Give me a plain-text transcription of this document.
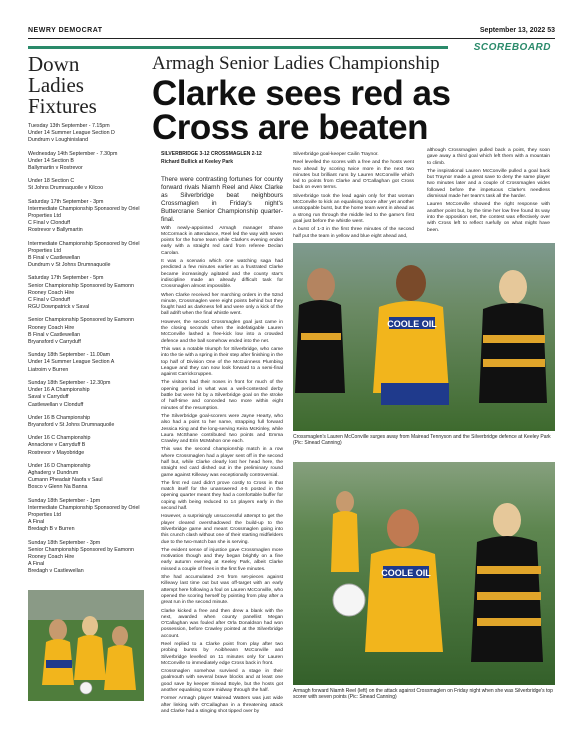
NEWRY DEMOCRAT	September 13, 2022 53
SCOREBOARD
Down
Ladies
Fixtures
Tuesday 13th September - 7.15pm
Under 14 Summer League Section D
Dundrum v Loughinisland
Wednesday 14th September - 7.30pm
Under 14 Section B
Ballymartin v Rostrevor
Under 18 Section C
St Johns Drumnaquoile v Kilcoo
Saturday 17th September - 3pm
Intermediate Championship Sponsored by Oriel Properties Ltd
C Final v Clonduff
Rostrevor v Ballymartin
Intermediate Championship Sponsored by Oriel Properties Ltd
B Final v Castlewellan
Dundrum v St Johns Drumnaquoile
Saturday 17th September - 5pm
Senior Championship Sponsored by Eamonn Rooney Coach Hire
C Final v Clonduff
RGU Downpatrick v Saval
Senior Championship Sponsored by Eamonn Rooney Coach Hire
B Final v Castlewellan
Bryansford v Carryduff
Sunday 18th September - 11.00am
Under 14 Summer League Section A
Liatroim v Burren
Sunday 18th September - 12.30pm
Under 16 A Championship
Saval v Carryduff
Castlewellan v Clonduff
Under 16 B Championship
Bryansford v St Johns Drumnaquoile
Under 16 C Championship
Annaclone v Carryduff B
Rostrevor v Mayobridge
Under 16 D Championship
Aghaderg v Dundrum
Cumann Pheadair Naofa v Saul
Bosco v Glenn Na Banna
Sunday 18th September - 1pm
Intermediate Championship Sponsored by Oriel Properties Ltd
A Final
Bredagh B v Burren
Sunday 18th September - 3pm
Senior Championship Sponsored by Eamonn Rooney Coach Hire
A Final
Bredagh v Castlewellan
Armagh Senior Ladies Championship
Clarke sees red as
Cross are beaten
SILVERBRIDGE 3-12 CROSSMAGLEN 2-12
Richard Bullick at Keeley Park
There were contrasting fortunes for county forward rivals Niamh Reel and Alex Clarke as Silverbridge beat neighbours Crossmaglen in Friday's night's Buttercrane Senior Championship quarter-final.

With newly-appointed Armagh manager Shane McCormack in attendance, Reel led the way with seven points for the home team while Clarke's evening ended early with a straight red card from referee Declan Carolan.

It was a scenario which one watching saga had predicted a few minutes earlier as a frustrated Clarke became increasingly agitated and the county star's indiscipline made an already difficult task for Crossmaglen almost impossible.

When Clarke received her marching orders in the 52nd minute, Crossmaglen were eight points behind but they fought hard as darkness fell and were only a kick of the ball adrift when the final whistle went.

However, the second Crossmaglen goal just came in the closing seconds when the indefatigable Lauren McConville lashed a free-kick low into a crowded defence and the ball somehow ended into the net.

This was a notable triumph for Silverbridge, who came into the tie with a spring in their step after finishing in the top half of Division One of the McGuinness Plumbing League and they can now look forward to a semi-final against Carrickcruppen.

The visitors had their noses in front for much of the opening period in what was a well-contested derby battle but were hit by a Silverbridge goal on the stroke of half-time and conceded two more within eight minutes of the resumption.

The Silverbridge goal-scorers were Jayne Hearty, who also had a point to her name, strapping full forward Jessica King and the long-serving Keira McKinley, while Laura McShane contributed two points and Emma Crawley and Erin McMahon one each.

This was the second championship match in a row where Crossmaglen had a player sent off in the second half but, while Clarke clearly lost her head here, the straight red card dished out in the preliminary round game against Killeavy was exceptionally controversial.

The first red card didn't prove costly to Cross in that match itself for the unanswered 4-5 posted in the opening quarter meant they had a comfortable buffer for coping with being reduced to 14 players early in the second half.

However, a surprisingly unsuccessful attempt to get the player cleared overshadowed the build-up to the Silverbridge game and meant Crossmaglen going into this crunch clash without one of their starting midfielders due to the two-match ban she is serving.

The evident sense of injustice gave Crossmaglen more motivation though and they began brightly on a fine early autumn evening at Keeley Park, albeit Clarke missed a couple of frees in the first five minutes.

She had accumulated 2-6 from set-pieces against Killeavy last time out but was off-target with an early attempt here following a foul on Lauren McConville, who opened the scoring herself by pointing from play after a great run in the second minute.

Clarke kicked a free and then drew a blank with the next, awarded when county panellist Megan O'Callaghan was fouled after Orla Donaldson had won possession, before Crawley pointed at the Silverbridge account.

Reel replied to a Clarke point from play after two probing bursts by Aoibheann McConville and Silverbridge levelled on 11 minutes only for Lauren McConville to immediately edge Cross back in front.

Crossmaglen somehow survived a stage in their goalmouth with several brave blocks and at least one good save by keeper Sinead Boyle, but the hosts got another equalising score midway through the half.

Former Armagh player Mairead Watters was just wide after linking with O'Callaghan in a threatening attack and Clarke had a stinging shot tipped over by

Silverbridge goal-keeper Cailin Traynor.

Reel levelled the scores with a free and the hosts went two ahead by scoring twice more in the next two minutes but brilliant runs by Lauren McConville which led to points from Clarke and O'Callaghan got Cross back on even terms.

Silverbridge took the lead again only for that woman McConville to kick an equalising score after yet another unstoppable burst, but the home team went in ahead as a strong run through the middle led to the game's first goal just before the whistle went.

A burst of 1-3 in the first three minutes of the second half put the team in yellow and blue eight ahead and,

although Crossmaglen pulled back a point, they soon gave away a third goal which left them with a mountain to climb.

The inspirational Lauren McConville pulled a goal back but Traynor made a great save to deny the same player two minutes later and a couple of Crossmaglen wides followed before the impetuous Clarke's needless dismissal made her team's task all the harder.

Lauren McConville showed the right response with another point but, by the time her low free found its way into the opposition net, the contest was effectively over with Cross left to reflect ruefully on what might have been.

COOLE OIL
Crossmaglen's Lauren McConville surges away from Mairead Tennyson and the Silverbridge defence at Keeley Park (Pic: Sinead Canning)
COOLE OIL
Armagh forward Niamh Reel (left) on the attack against Crossmaglen on Friday night when she was Silverbridge's top scorer with seven points (Pic: Sinead Canning)
